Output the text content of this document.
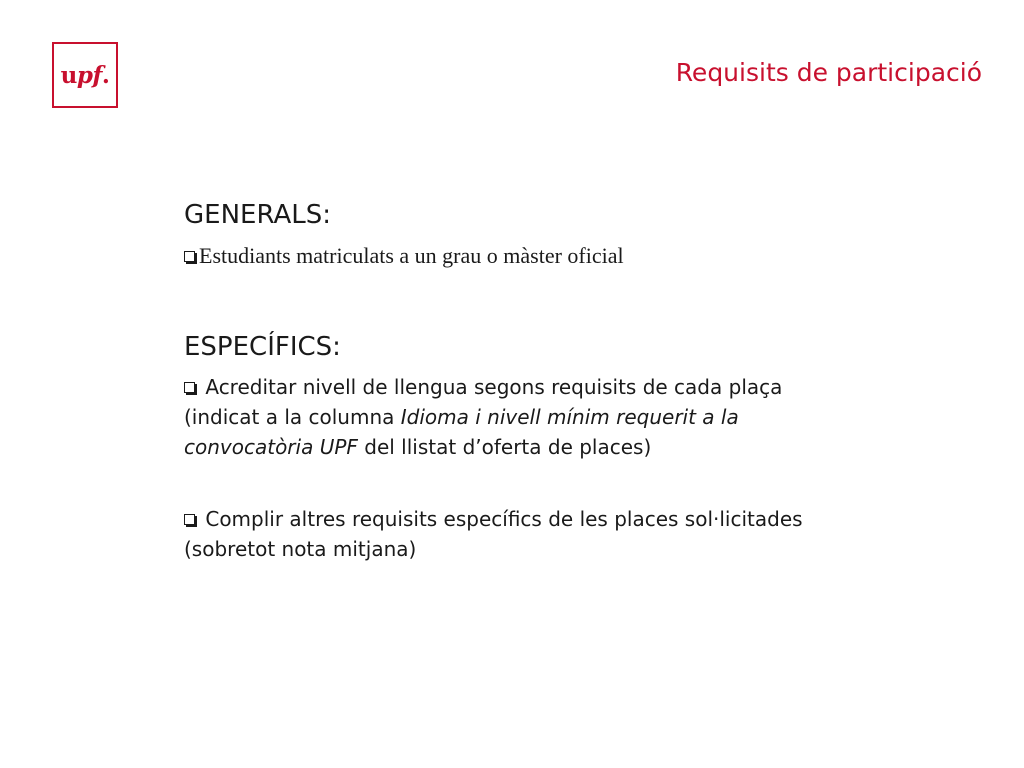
u pf .	Requisits de participació
GENERALS:
Estudiants matriculats a un grau o màster oficial
ESPECÍFICS:
Acreditar nivell de llengua segons requisits de cada plaça (indicat a la columna Idioma i nivell mínim requerit a la convocatòria UPF del llistat d’oferta de places)
Complir altres requisits específics de les places sol·licitades (sobretot nota mitjana)
